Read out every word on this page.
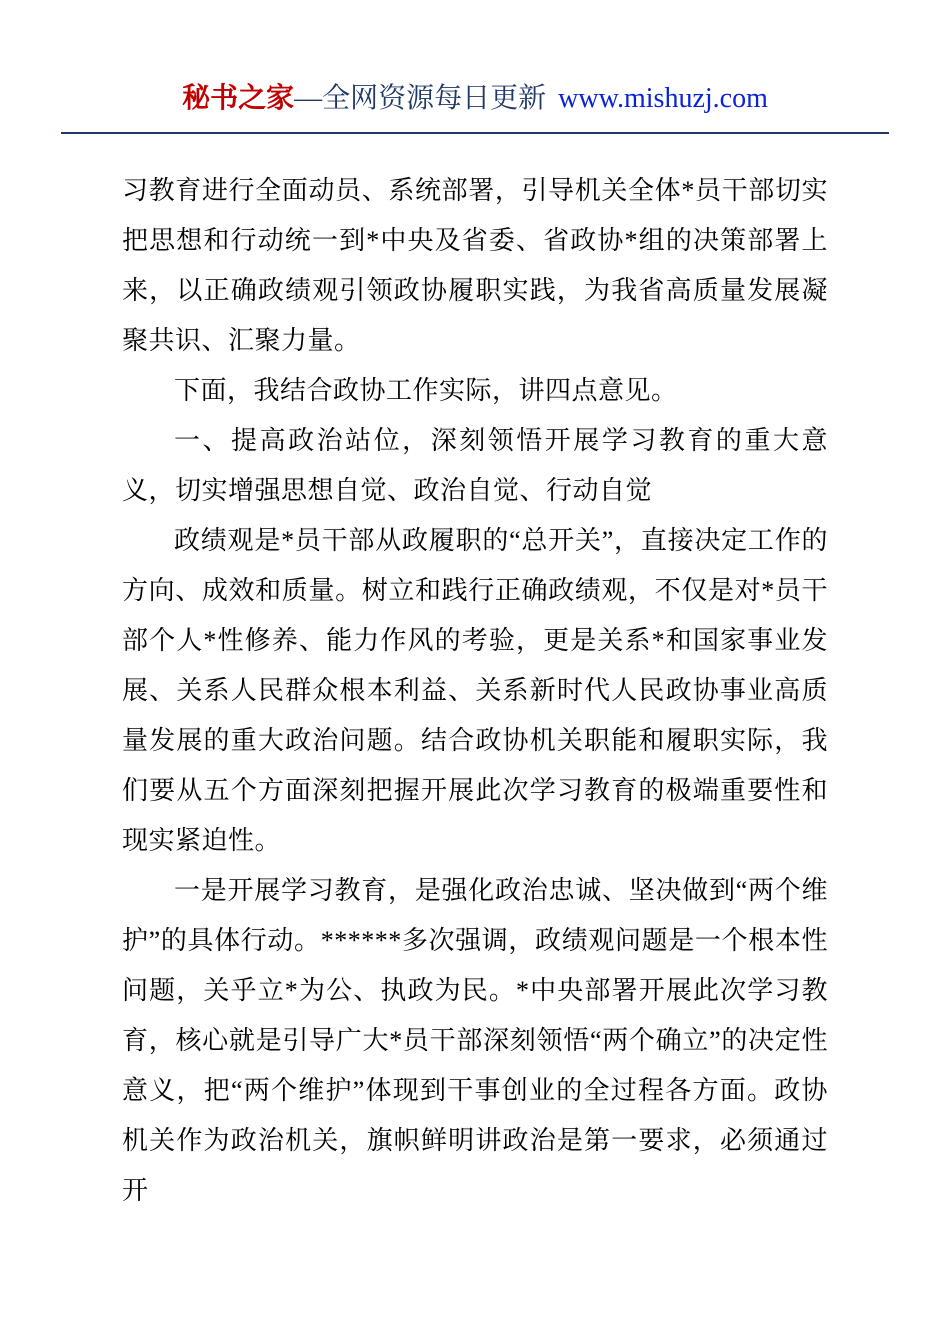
秘书之家—全网资源每日更新 www.mishuzj.com

习教育进行全面动员、系统部署，引导机关全体*员干部切实把思想和行动统一到*中央及省委、省政协*组的决策部署上来，以正确政绩观引领政协履职实践，为我省高质量发展凝聚共识、汇聚力量。

下面，我结合政协工作实际，讲四点意见。

一、提高政治站位，深刻领悟开展学习教育的重大意义，切实增强思想自觉、政治自觉、行动自觉

政绩观是*员干部从政履职的“总开关”，直接决定工作的方向、成效和质量。树立和践行正确政绩观，不仅是对*员干部个人*性修养、能力作风的考验，更是关系*和国家事业发展、关系人民群众根本利益、关系新时代人民政协事业高质量发展的重大政治问题。结合政协机关职能和履职实际，我们要从五个方面深刻把握开展此次学习教育的极端重要性和现实紧迫性。

一是开展学习教育，是强化政治忠诚、坚决做到“两个维护”的具体行动。******多次强调，政绩观问题是一个根本性问题，关乎立*为公、执政为民。*中央部署开展此次学习教育，核心就是引导广大*员干部深刻领悟“两个确立”的决定性意义，把“两个维护”体现到干事创业的全过程各方面。政协机关作为政治机关，旗帜鲜明讲政治是第一要求，必须通过开
